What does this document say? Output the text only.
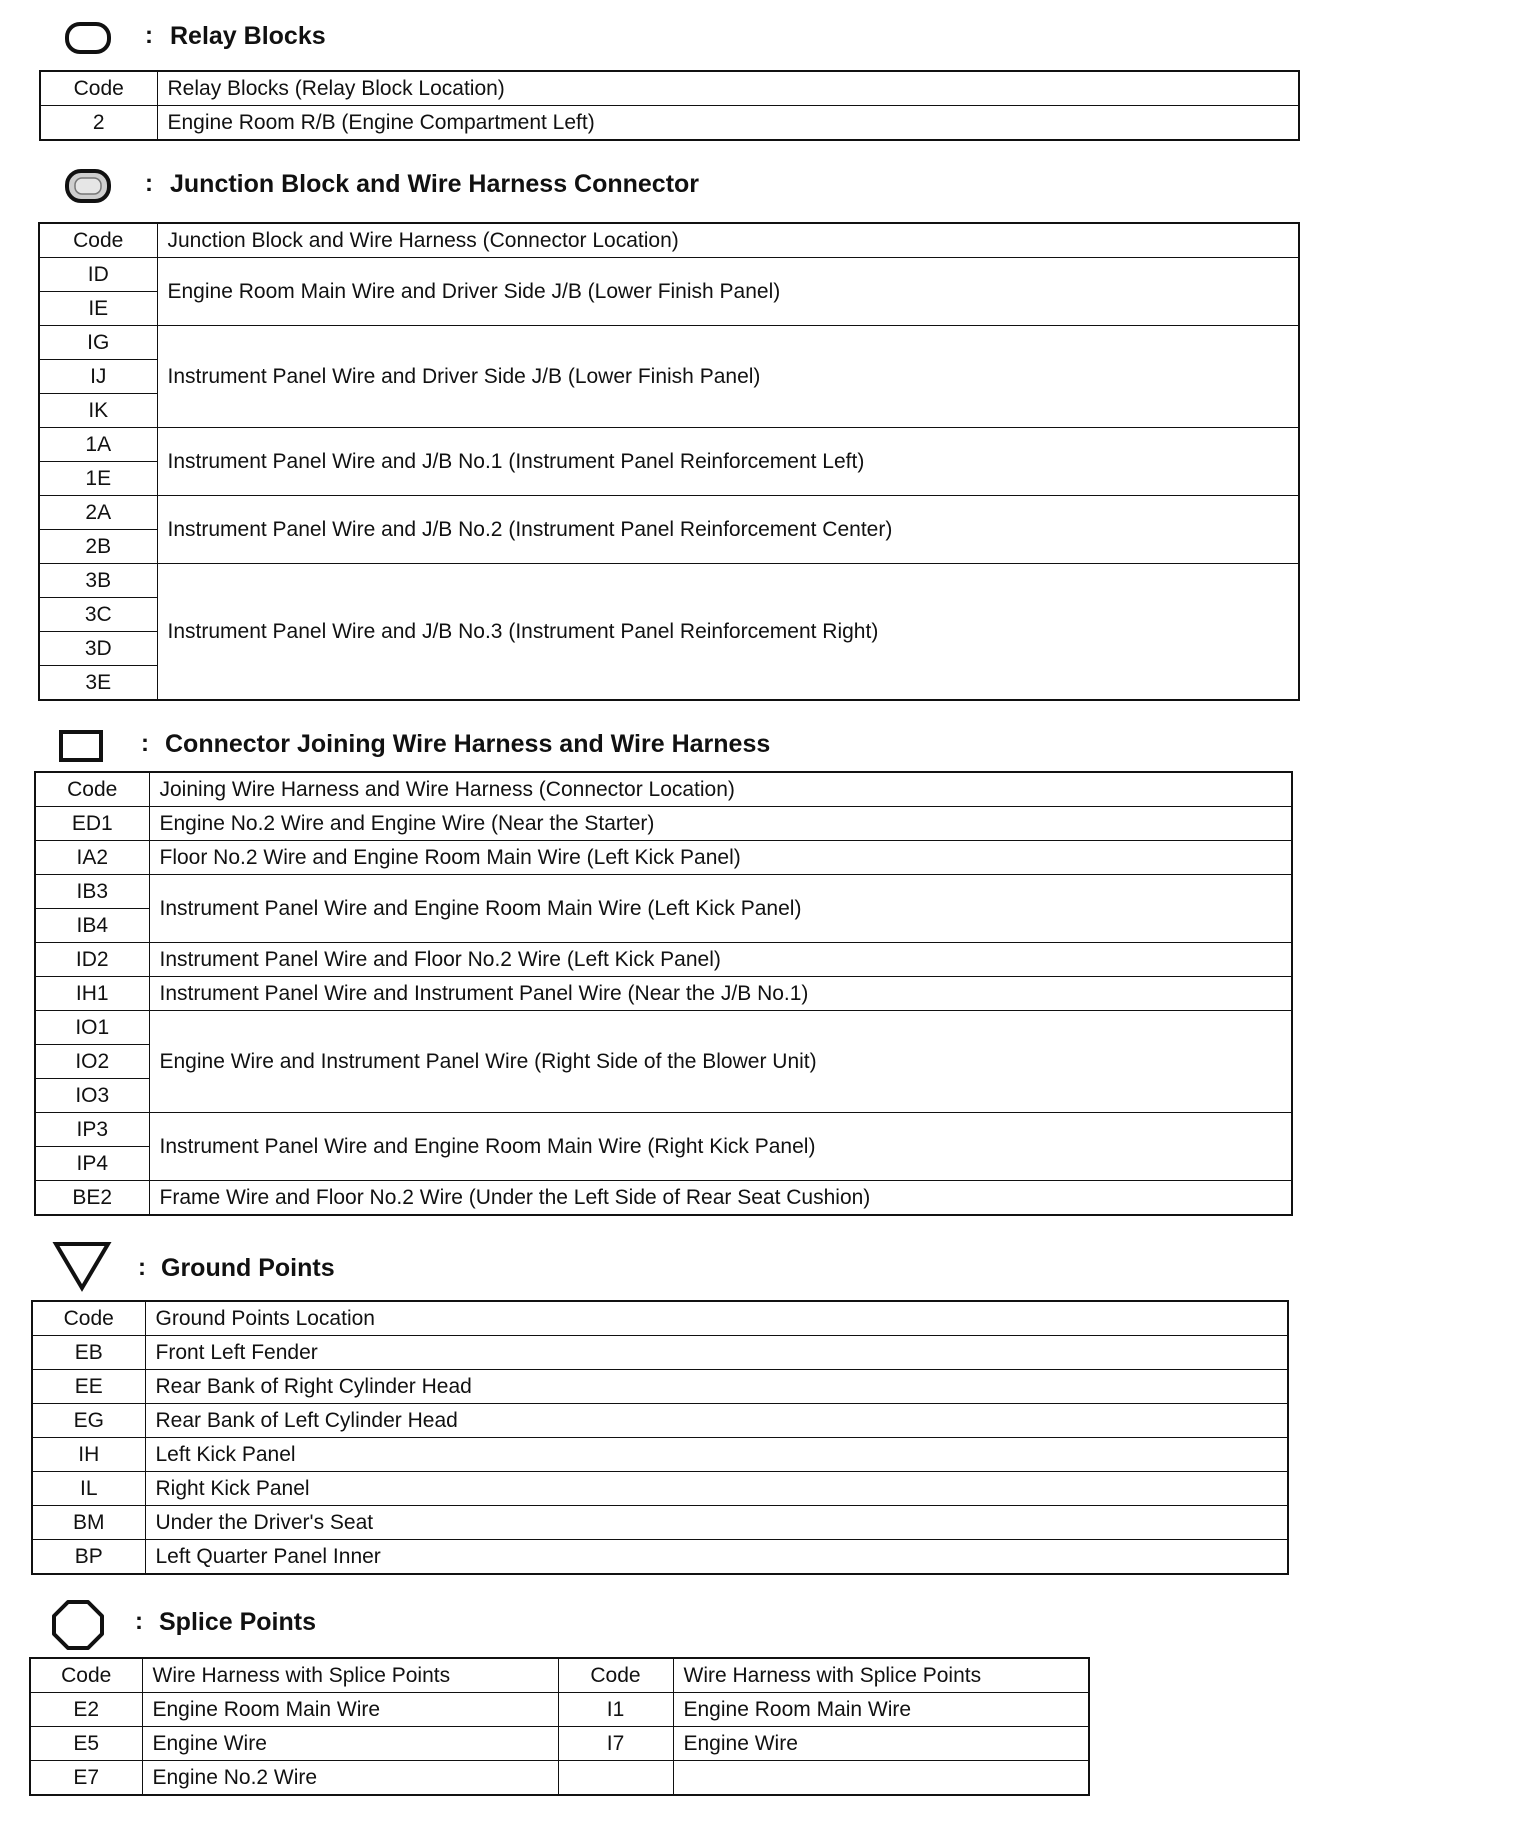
: Relay Blocks
Code	Relay Blocks (Relay Block Location)
2	Engine Room R/B (Engine Compartment Left)
: Junction Block and Wire Harness Connector
Code	Junction Block and Wire Harness (Connector Location)
ID	Engine Room Main Wire and Driver Side J/B (Lower Finish Panel)
IE	
IG	Instrument Panel Wire and Driver Side J/B (Lower Finish Panel)
IJ	
IK	
1A	Instrument Panel Wire and J/B No.1 (Instrument Panel Reinforcement Left)
1E	
2A	Instrument Panel Wire and J/B No.2 (Instrument Panel Reinforcement Center)
2B	
3B	Instrument Panel Wire and J/B No.3 (Instrument Panel Reinforcement Right)
3C	
3D	
3E	
: Connector Joining Wire Harness and Wire Harness
Code	Joining Wire Harness and Wire Harness (Connector Location)
ED1	Engine No.2 Wire and Engine Wire (Near the Starter)
IA2	Floor No.2 Wire and Engine Room Main Wire (Left Kick Panel)
IB3	Instrument Panel Wire and Engine Room Main Wire (Left Kick Panel)
IB4	
ID2	Instrument Panel Wire and Floor No.2 Wire (Left Kick Panel)
IH1	Instrument Panel Wire and Instrument Panel Wire (Near the J/B No.1)
IO1	Engine Wire and Instrument Panel Wire (Right Side of the Blower Unit)
IO2	
IO3	
IP3	Instrument Panel Wire and Engine Room Main Wire (Right Kick Panel)
IP4	
BE2	Frame Wire and Floor No.2 Wire (Under the Left Side of Rear Seat Cushion)
: Ground Points
Code	Ground Points Location
EB	Front Left Fender
EE	Rear Bank of Right Cylinder Head
EG	Rear Bank of Left Cylinder Head
IH	Left Kick Panel
IL	Right Kick Panel
BM	Under the Driver's Seat
BP	Left Quarter Panel Inner
: Splice Points
Code	Wire Harness with Splice Points	Code	Wire Harness with Splice Points
E2	Engine Room Main Wire	I1	Engine Room Main Wire
E5	Engine Wire	I7	Engine Wire
E7	Engine No.2 Wire		
